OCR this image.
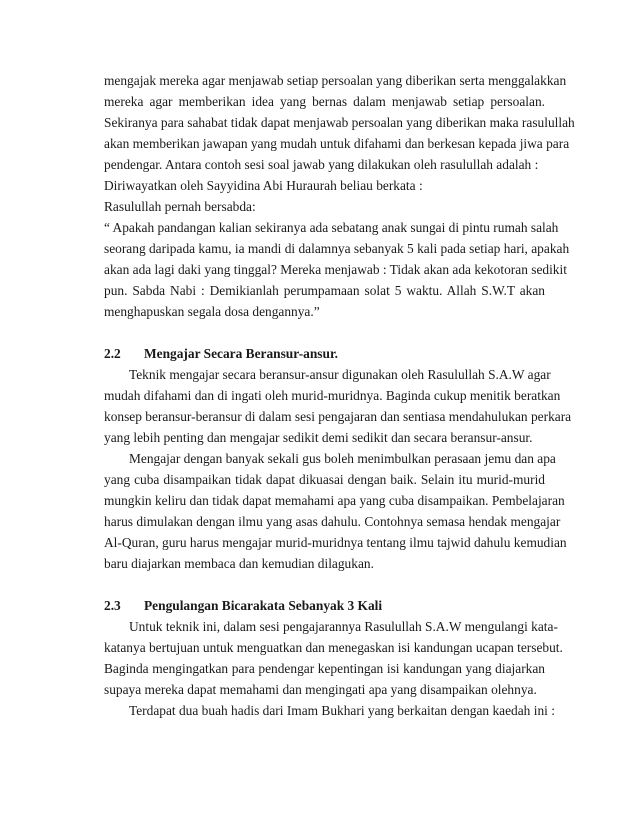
mengajak mereka agar menjawab setiap persoalan yang diberikan serta menggalakkan
mereka agar memberikan idea yang bernas dalam menjawab setiap persoalan.
Sekiranya para sahabat tidak dapat menjawab persoalan yang diberikan maka rasulullah
akan memberikan jawapan yang mudah untuk difahami dan berkesan kepada jiwa para
pendengar. Antara contoh sesi soal jawab yang dilakukan oleh rasulullah adalah :
Diriwayatkan oleh Sayyidina Abi Huraurah beliau berkata :
Rasulullah pernah bersabda:
“ Apakah pandangan kalian sekiranya ada sebatang anak sungai di pintu rumah salah
seorang daripada kamu, ia mandi di dalamnya sebanyak 5 kali pada setiap hari, apakah
akan ada lagi daki yang tinggal? Mereka menjawab : Tidak akan ada kekotoran sedikit
pun. Sabda Nabi : Demikianlah perumpamaan solat 5 waktu. Allah S.W.T akan
menghapuskan segala dosa dengannya.”
2.2 Mengajar Secara Beransur-ansur.
Teknik mengajar secara beransur-ansur digunakan oleh Rasulullah S.A.W agar
mudah difahami dan di ingati oleh murid-muridnya. Baginda cukup menitik beratkan
konsep beransur-beransur di dalam sesi pengajaran dan sentiasa mendahulukan perkara
yang lebih penting dan mengajar sedikit demi sedikit dan secara beransur-ansur.
Mengajar dengan banyak sekali gus boleh menimbulkan perasaan jemu dan apa
yang cuba disampaikan tidak dapat dikuasai dengan baik. Selain itu murid-murid
mungkin keliru dan tidak dapat memahami apa yang cuba disampaikan. Pembelajaran
harus dimulakan dengan ilmu yang asas dahulu. Contohnya semasa hendak mengajar
Al-Quran, guru harus mengajar murid-muridnya tentang ilmu tajwid dahulu kemudian
baru diajarkan membaca dan kemudian dilagukan.
2.3 Pengulangan Bicarakata Sebanyak 3 Kali
Untuk teknik ini, dalam sesi pengajarannya Rasulullah S.A.W mengulangi kata-
katanya bertujuan untuk menguatkan dan menegaskan isi kandungan ucapan tersebut.
Baginda mengingatkan para pendengar kepentingan isi kandungan yang diajarkan
supaya mereka dapat memahami dan mengingati apa yang disampaikan olehnya.
Terdapat dua buah hadis dari Imam Bukhari yang berkaitan dengan kaedah ini :
